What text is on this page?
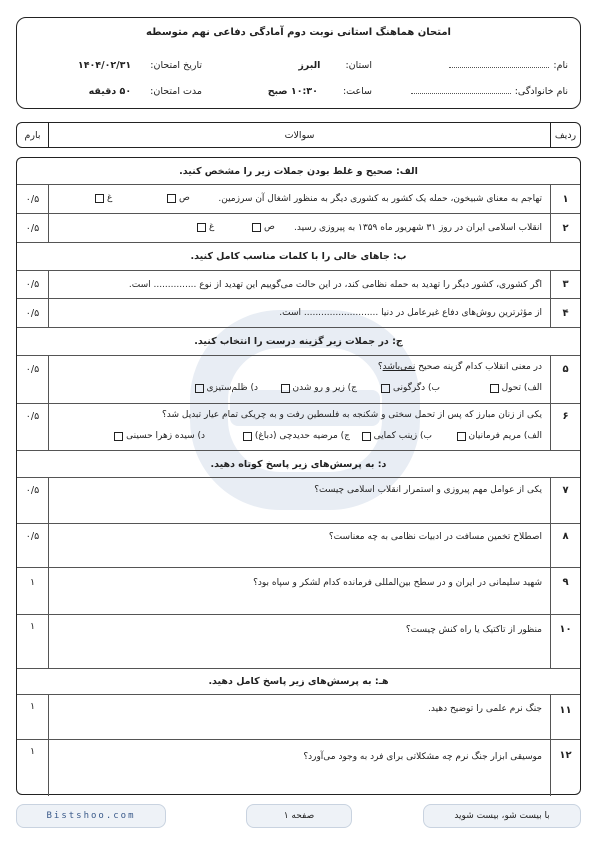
امتحان هماهنگ استانی نوبت دوم آمادگی دفاعی نهم متوسطه
نام:
نام خانوادگی:
استان: البرز
ساعت: ۱۰:۳۰ صبح
تاریخ امتحان: ۱۴۰۴/۰۲/۳۱
مدت امتحان: ۵۰ دقیقه
ردیف
سوالات
بارم
الف: صحیح و غلط بودن جملات زیر را مشخص کنید.
۱
تهاجم به معنای شبیخون، حمله یک کشور به کشوری دیگر به منظور اشغال آن سرزمین.
ص
غ
۰/۵
۲
انقلاب اسلامی ایران در روز ۳۱ شهریور ماه ۱۳۵۹ به پیروزی رسید.
ص
غ
۰/۵
ب: جاهای خالی را با کلمات مناسب کامل کنید.
۳
اگر کشوری، کشور دیگر را تهدید به حمله نظامی کند، در این حالت می‌گوییم این تهدید از نوع ............... است.
۰/۵
۴
از مؤثرترین روش‌های دفاع غیرعامل در دنیا .......................... است.
۰/۵
ج: در جملات زیر گزینه درست را انتخاب کنید.
۵
در معنی انقلاب کدام گزینه صحیح نمی‌باشد؟
الف) تحول
ب) دگرگونی
ج) زیر و رو شدن
د) ظلم‌ستیزی
۰/۵
۶
یکی از زنان مبارز که پس از تحمل سختی و شکنجه به فلسطین رفت و به چریکی تمام عیار تبدیل شد؟
الف) مریم فرمانیان
ب) زینب کمایی
ج) مرضیه حدیدچی (دباغ)
د) سیده زهرا حسینی
۰/۵
د: به پرسش‌های زیر پاسخ کوتاه دهید.
۷
یکی از عوامل مهم پیروزی و استمرار انقلاب اسلامی چیست؟
۰/۵
۸
اصطلاح تخمین مسافت در ادبیات نظامی به چه معناست؟
۰/۵
۹
شهید سلیمانی در ایران و در سطح بین‌المللی فرمانده کدام لشکر و سپاه بود؟
۱
۱۰
منظور از تاکتیک یا راه کنش چیست؟
۱
هـ: به پرسش‌های زیر پاسخ کامل دهید.
۱۱
جنگ نرم علمی را توضیح دهید.
۱
۱۲
موسیقی ابزار جنگ نرم چه مشکلاتی برای فرد به وجود می‌آورد؟
۱
Bistshoo.com	صفحه ۱	با بیست شو، بیست شوید
